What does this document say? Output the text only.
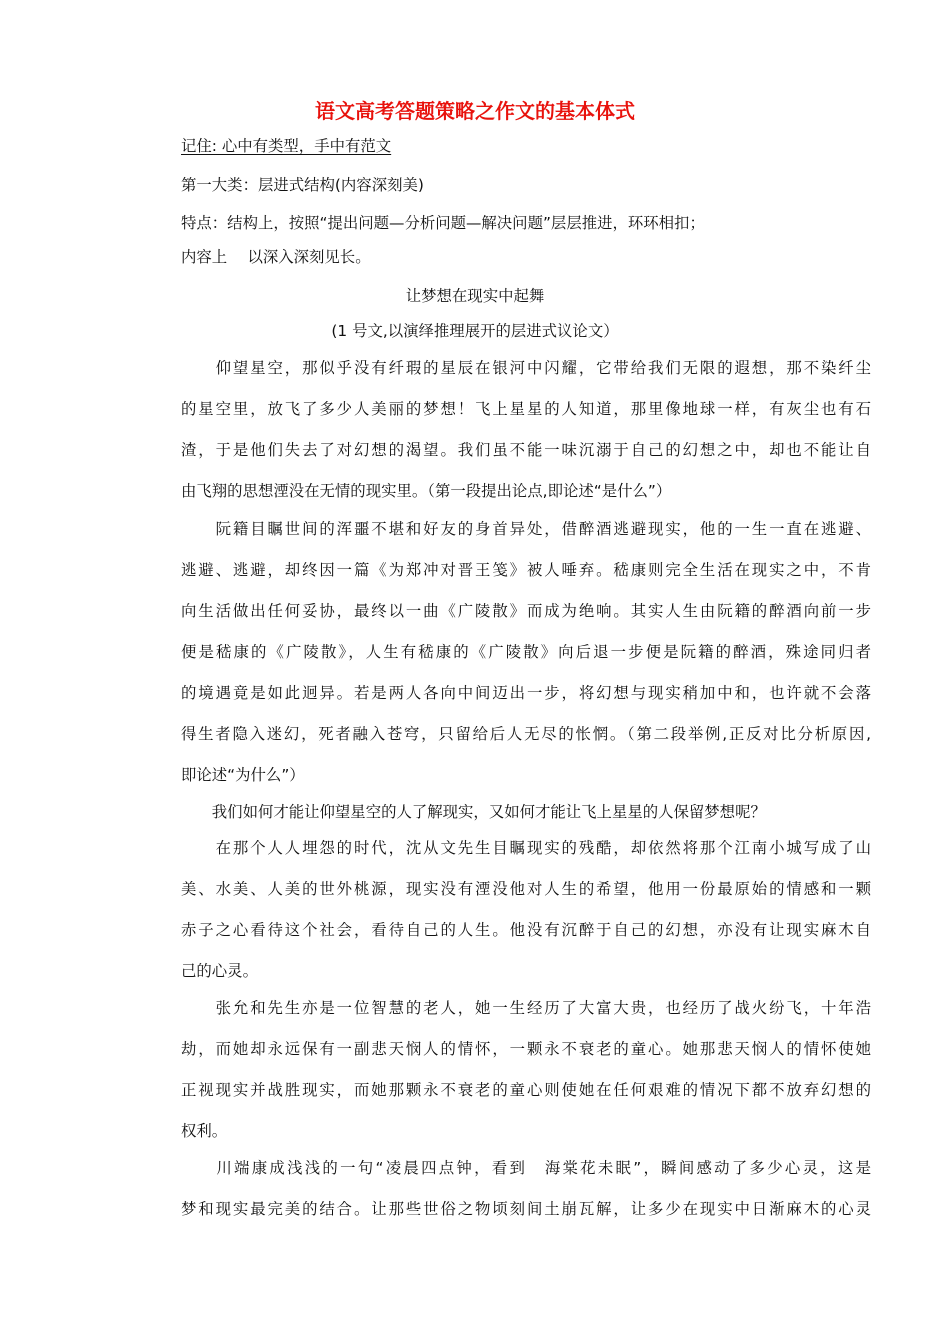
语文高考答题策略之作文的基本体式
记住: 心中有类型，手中有范文
第一大类：层进式结构(内容深刻美)
特点：结构上，按照“提出问题—分析问题—解决问题”层层推进，环环相扣；
内容上　 以深入深刻见长。
让梦想在现实中起舞
(1 号文,以演绎推理展开的层进式议论文）
　　仰望星空，那似乎没有纤瑕的星辰在银河中闪耀，它带给我们无限的遐想，那不染纤尘
的星空里，放飞了多少人美丽的梦想！飞上星星的人知道，那里像地球一样，有灰尘也有石
渣，于是他们失去了对幻想的渴望。我们虽不能一味沉溺于自己的幻想之中，却也不能让自
由飞翔的思想湮没在无情的现实里。（第一段提出论点,即论述“是什么”）
　　阮籍目瞩世间的浑噩不堪和好友的身首异处，借醉酒逃避现实，他的一生一直在逃避、
逃避、逃避，却终因一篇《为郑冲对晋王笺》被人唾弃。嵇康则完全生活在现实之中，不肯
向生活做出任何妥协，最终以一曲《广陵散》而成为绝响。其实人生由阮籍的醉酒向前一步
便是嵇康的《广陵散》，人生有嵇康的《广陵散》向后退一步便是阮籍的醉酒，殊途同归者
的境遇竟是如此迥异。若是两人各向中间迈出一步，将幻想与现实稍加中和，也许就不会落
得生者隐入迷幻，死者融入苍穹，只留给后人无尽的怅惘。（第二段举例,正反对比分析原因,
即论述“为什么”）
　　我们如何才能让仰望星空的人了解现实，又如何才能让飞上星星的人保留梦想呢？
　　在那个人人埋怨的时代，沈从文先生目瞩现实的残酷，却依然将那个江南小城写成了山
美、水美、人美的世外桃源，现实没有湮没他对人生的希望，他用一份最原始的情感和一颗
赤子之心看待这个社会，看待自己的人生。他没有沉醉于自己的幻想，亦没有让现实麻木自
己的心灵。
　　张允和先生亦是一位智慧的老人，她一生经历了大富大贵，也经历了战火纷飞，十年浩
劫，而她却永远保有一副悲天悯人的情怀，一颗永不衰老的童心。她那悲天悯人的情怀使她
正视现实并战胜现实，而她那颗永不衰老的童心则使她在任何艰难的情况下都不放弃幻想的
权利。
　　川端康成浅浅的一句“凌晨四点钟，看到　海棠花未眠”，瞬间感动了多少心灵，这是
梦和现实最完美的结合。让那些世俗之物顷刻间土崩瓦解，让多少在现实中日渐麻木的心灵
